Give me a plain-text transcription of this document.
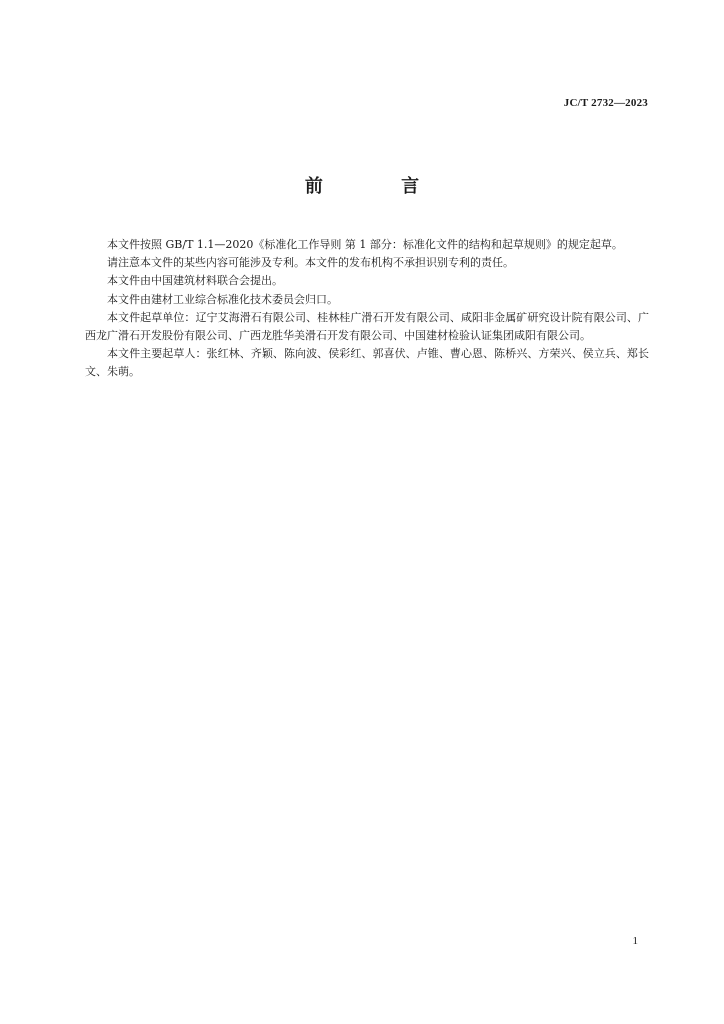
JC/T 2732—2023
前 言

本文件按照 GB/T 1.1—2020《标准化工作导则 第 1 部分：标准化文件的结构和起草规则》的规定起草。

请注意本文件的某些内容可能涉及专利。本文件的发布机构不承担识别专利的责任。

本文件由中国建筑材料联合会提出。

本文件由建材工业综合标准化技术委员会归口。

本文件起草单位：辽宁艾海滑石有限公司、桂林桂广滑石开发有限公司、咸阳非金属矿研究设计院有限公司、广西龙广滑石开发股份有限公司、广西龙胜华美滑石开发有限公司、中国建材检验认证集团咸阳有限公司。

本文件主要起草人：张红林、齐颖、陈向波、侯彩红、郭喜伏、卢锥、曹心恩、陈桥兴、方荣兴、侯立兵、郑长文、朱萌。

1
